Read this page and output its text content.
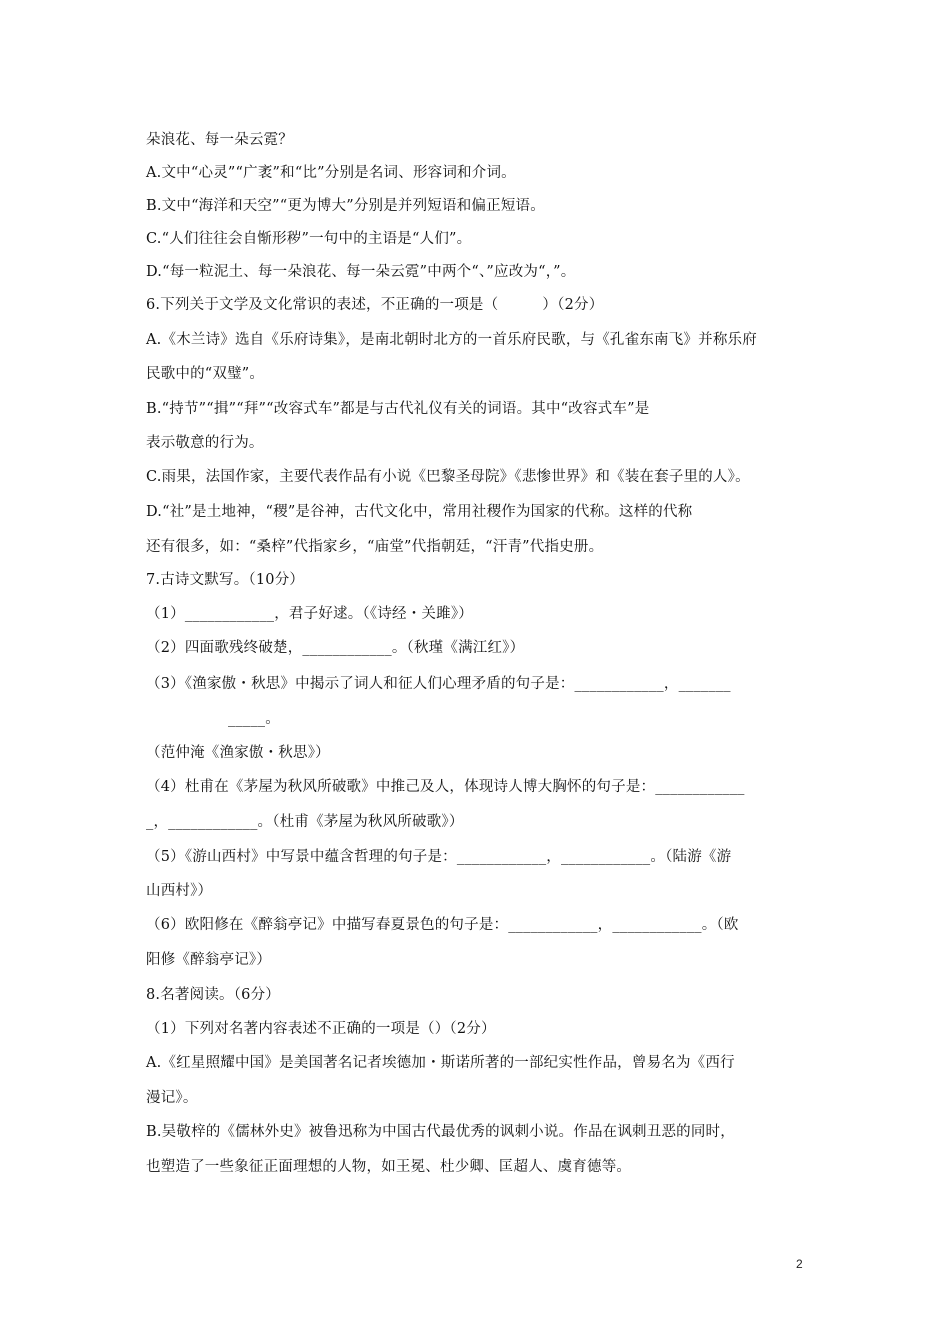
朵浪花、每一朵云霓？
A.文中“心灵”“广袤”和“比”分别是名词、形容词和介词。
B.文中“海洋和天空”“更为博大”分别是并列短语和偏正短语。
C.“人们往往会自惭形秽”一句中的主语是“人们”。
D.“每一粒泥土、每一朵浪花、每一朵云霓”中两个“、”应改为“，”。
6.下列关于文学及文化常识的表述，不正确的一项是（　　　）（2分）
A.《木兰诗》选自《乐府诗集》，是南北朝时北方的一首乐府民歌，与《孔雀东南飞》并称乐府
民歌中的“双璧”。
B.“持节”“揖”“拜”“改容式车”都是与古代礼仪有关的词语。其中“改容式车”是
表示敬意的行为。
C.雨果，法国作家，主要代表作品有小说《巴黎圣母院》《悲惨世界》和《装在套子里的人》。
D.“社”是土地神，“稷”是谷神，古代文化中，常用社稷作为国家的代称。这样的代称
还有很多，如：“桑梓”代指家乡，“庙堂”代指朝廷，“汗青”代指史册。
7.古诗文默写。（10分）
（1）____________，君子好逑。（《诗经・关雎》）
（2）四面歌残终破楚，____________。（秋瑾《满江红》）
（3）《渔家傲・秋思》中揭示了词人和征人们心理矛盾的句子是：____________，_______
_____。
（范仲淹《渔家傲・秋思》）
（4）杜甫在《茅屋为秋风所破歌》中推己及人，体现诗人博大胸怀的句子是：____________
_，____________。（杜甫《茅屋为秋风所破歌》）
（5）《游山西村》中写景中蕴含哲理的句子是：____________，____________。（陆游《游
山西村》）
（6）欧阳修在《醉翁亭记》中描写春夏景色的句子是：____________，____________。（欧
阳修《醉翁亭记》）
8.名著阅读。（6分）
（1）下列对名著内容表述不正确的一项是（）（2分）
A.《红星照耀中国》是美国著名记者埃德加・斯诺所著的一部纪实性作品，曾易名为《西行
漫记》。
B.吴敬梓的《儒林外史》被鲁迅称为中国古代最优秀的讽刺小说。作品在讽刺丑恶的同时，
也塑造了一些象征正面理想的人物，如王冕、杜少卿、匡超人、虞育德等。
2
